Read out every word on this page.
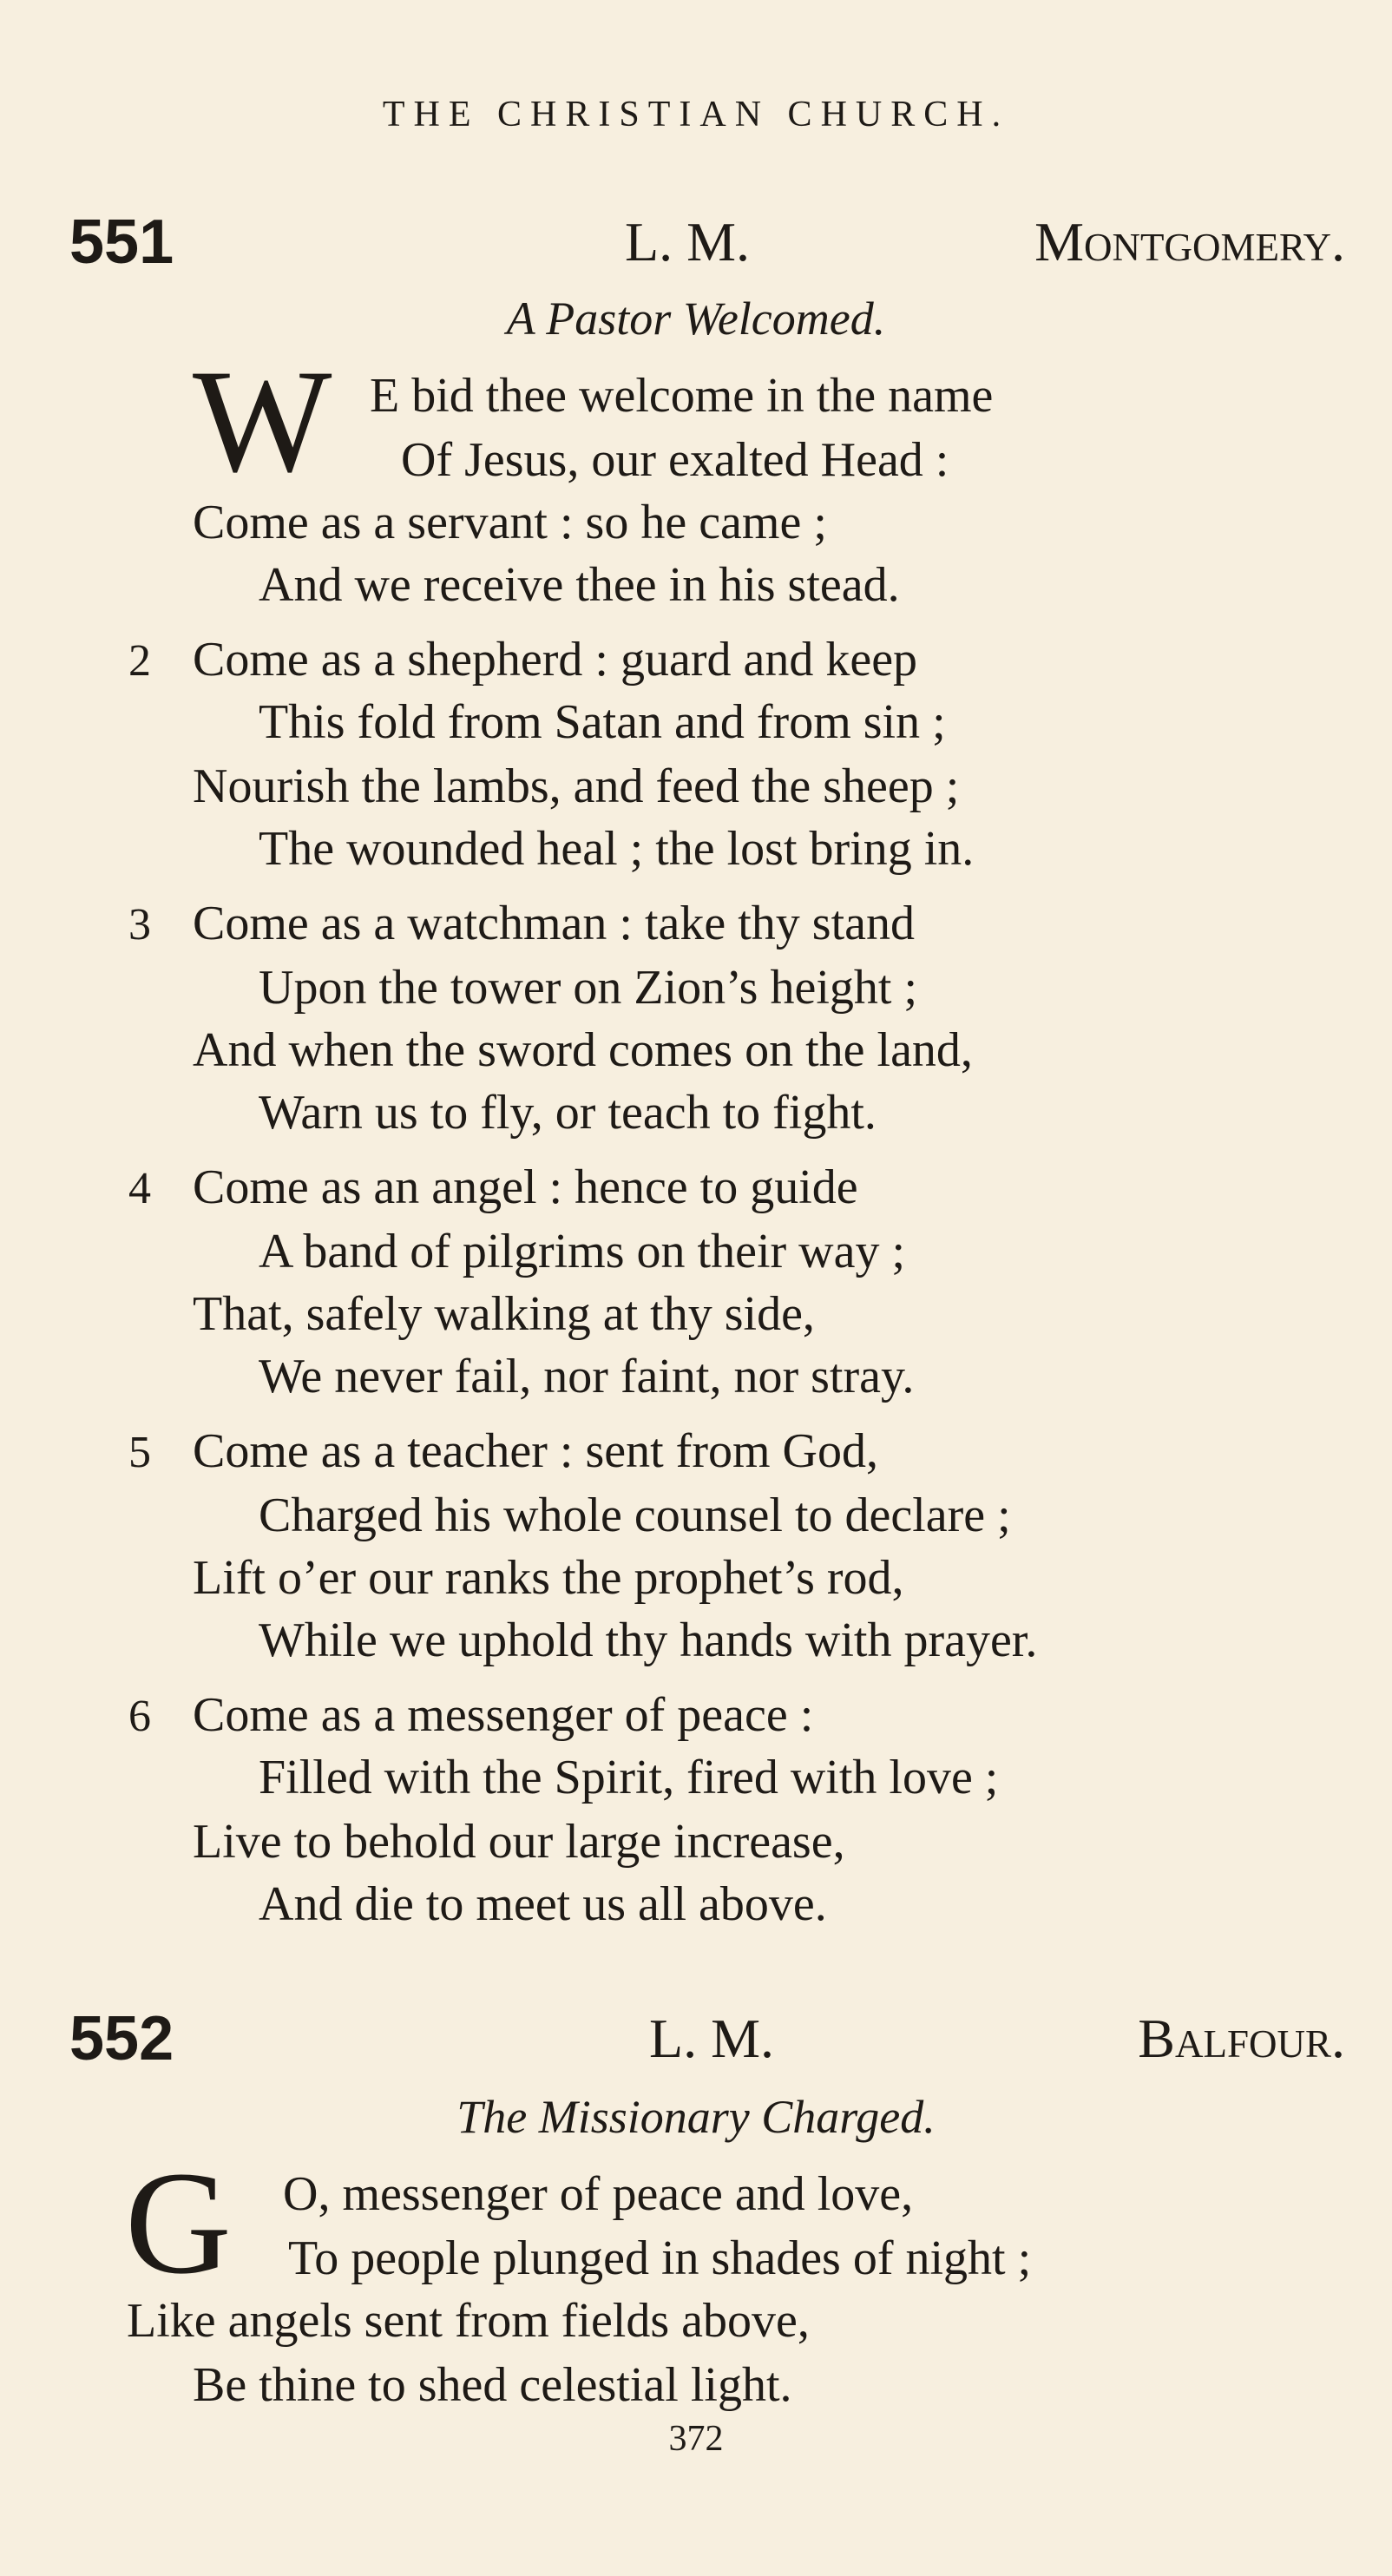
THE CHRISTIAN CHURCH.
551	L. M.	Montgomery.
A Pastor Welcomed.
W E bid thee welcome in the name
Of Jesus, our exalted Head :
Come as a servant : so he came ;
And we receive thee in his stead.
2 Come as a shepherd : guard and keep
This fold from Satan and from sin ;
Nourish the lambs, and feed the sheep ;
The wounded heal ; the lost bring in.
3 Come as a watchman : take thy stand
Upon the tower on Zion’s height ;
And when the sword comes on the land,
Warn us to fly, or teach to fight.
4 Come as an angel : hence to guide
A band of pilgrims on their way ;
That, safely walking at thy side,
We never fail, nor faint, nor stray.
5 Come as a teacher : sent from God,
Charged his whole counsel to declare ;
Lift o’er our ranks the prophet’s rod,
While we uphold thy hands with prayer.
6 Come as a messenger of peace :
Filled with the Spirit, fired with love ;
Live to behold our large increase,
And die to meet us all above.
552	L. M.	Balfour.
The Missionary Charged.
G O, messenger of peace and love,
To people plunged in shades of night ;
Like angels sent from fields above,
Be thine to shed celestial light.
372
